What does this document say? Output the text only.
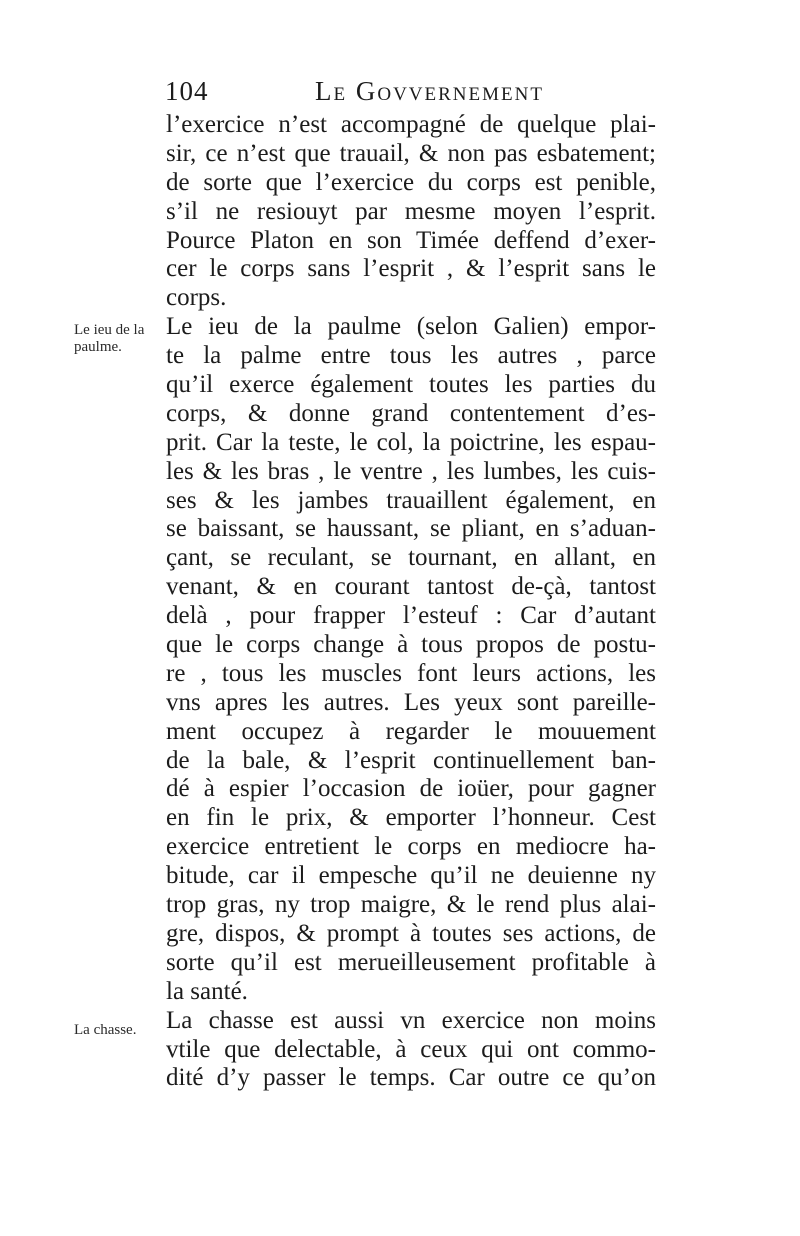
104	Le Govvernement
Le ieu de la
paulme.
La chasse.
l’exercice n’est accompagné de quelque plai-
sir, ce n’est que trauail, & non pas esbatement;
de sorte que l’exercice du corps est penible,
s’il ne resiouyt par mesme moyen l’esprit.
Pource Platon en son Timée deffend d’exer-
cer le corps sans l’esprit , & l’esprit sans le
corps.
Le ieu de la paulme (selon Galien) empor-
te la palme entre tous les autres , parce
qu’il exerce également toutes les parties du
corps, & donne grand contentement d’es-
prit. Car la teste, le col, la poictrine, les espau-
les & les bras , le ventre , les lumbes, les cuis-
ses & les jambes trauaillent également, en
se baissant, se haussant, se pliant, en s’aduan-
çant, se reculant, se tournant, en allant, en
venant, & en courant tantost de-çà, tantost
delà , pour frapper l’esteuf : Car d’autant
que le corps change à tous propos de postu-
re , tous les muscles font leurs actions, les
vns apres les autres. Les yeux sont pareille-
ment occupez à regarder le mouuement
de la bale, & l’esprit continuellement ban-
dé à espier l’occasion de ioüer, pour gagner
en fin le prix, & emporter l’honneur. Cest
exercice entretient le corps en mediocre ha-
bitude, car il empesche qu’il ne deuienne ny
trop gras, ny trop maigre, & le rend plus alai-
gre, dispos, & prompt à toutes ses actions, de
sorte qu’il est merueilleusement profitable à
la santé.
La chasse est aussi vn exercice non moins
vtile que delectable, à ceux qui ont commo-
dité d’y passer le temps. Car outre ce qu’on
